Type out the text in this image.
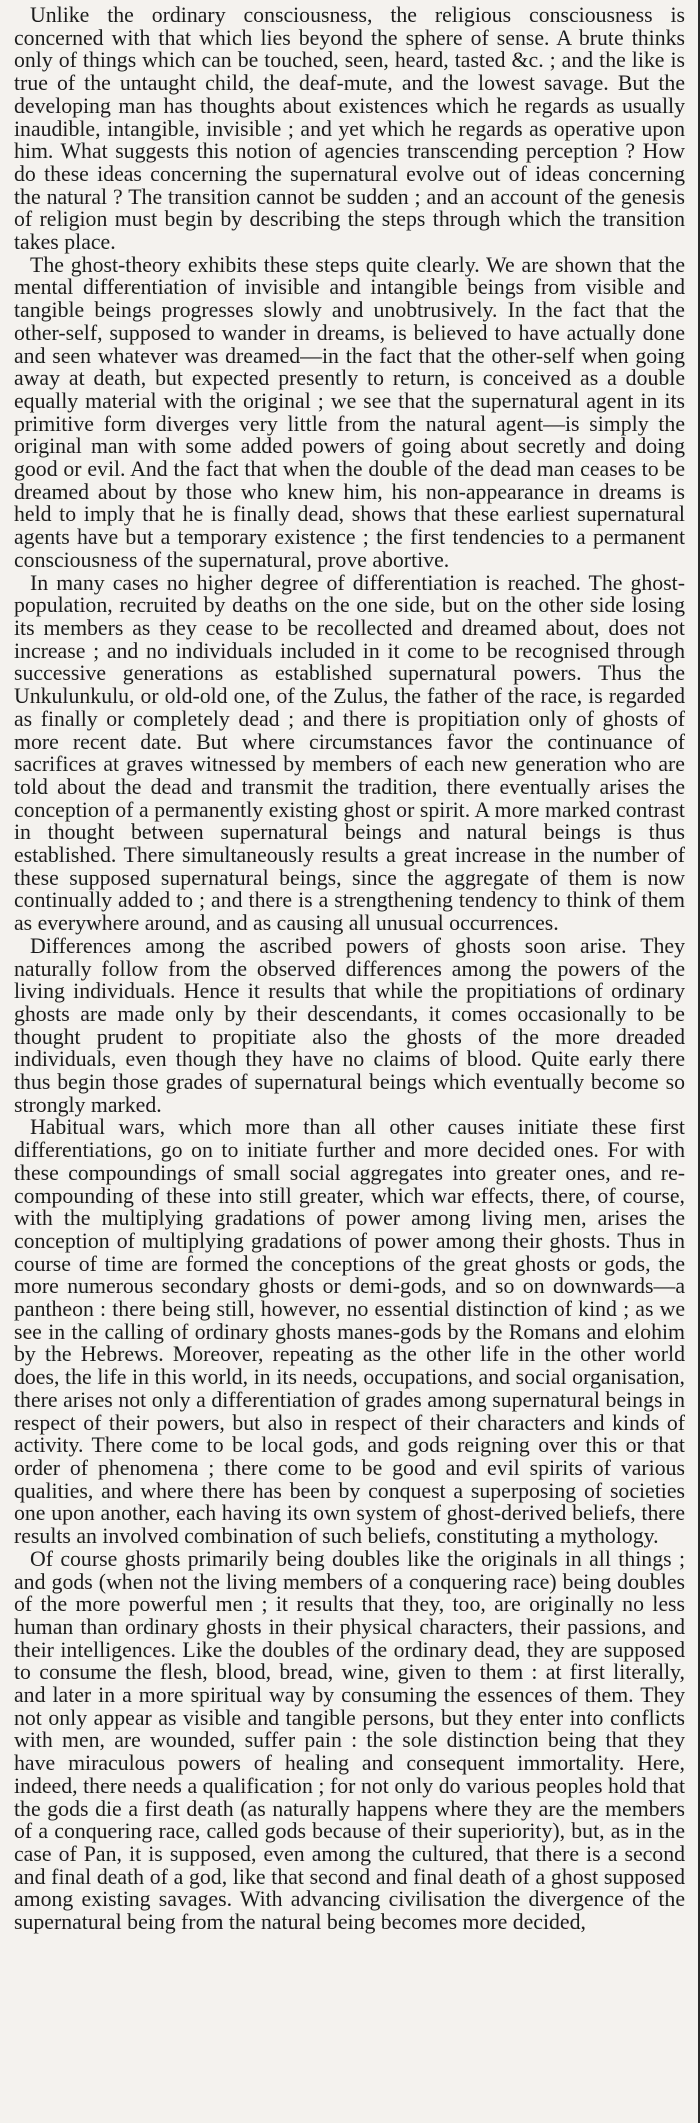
Unlike the ordinary consciousness, the religious consciousness is concerned with that which lies beyond the sphere of sense. A brute thinks only of things which can be touched, seen, heard, tasted &c. ; and the like is true of the untaught child, the deaf-mute, and the lowest savage. But the developing man has thoughts about existences which he regards as usually inaudible, intangible, invisible ; and yet which he regards as operative upon him. What suggests this notion of agencies transcending perception ? How do these ideas concerning the supernatural evolve out of ideas concerning the natural ? The transition cannot be sudden ; and an account of the genesis of religion must begin by describing the steps through which the transition takes place.

The ghost-theory exhibits these steps quite clearly. We are shown that the mental differentiation of invisible and intangible beings from visible and tangible beings progresses slowly and unobtrusively. In the fact that the other-self, supposed to wander in dreams, is believed to have actually done and seen whatever was dreamed—in the fact that the other-self when going away at death, but expected presently to return, is conceived as a double equally material with the original ; we see that the supernatural agent in its primitive form diverges very little from the natural agent—is simply the original man with some added powers of going about secretly and doing good or evil. And the fact that when the double of the dead man ceases to be dreamed about by those who knew him, his non-appearance in dreams is held to imply that he is finally dead, shows that these earliest supernatural agents have but a temporary existence ; the first tendencies to a permanent consciousness of the supernatural, prove abortive.

In many cases no higher degree of differentiation is reached. The ghost-population, recruited by deaths on the one side, but on the other side losing its members as they cease to be recollected and dreamed about, does not increase ; and no individuals included in it come to be recognised through successive generations as established supernatural powers. Thus the Unkulunkulu, or old-old one, of the Zulus, the father of the race, is regarded as finally or completely dead ; and there is propitiation only of ghosts of more recent date. But where circumstances favor the continuance of sacrifices at graves witnessed by members of each new generation who are told about the dead and transmit the tradition, there eventually arises the conception of a permanently existing ghost or spirit. A more marked contrast in thought between supernatural beings and natural beings is thus established. There simultaneously results a great increase in the number of these supposed supernatural beings, since the aggregate of them is now continually added to ; and there is a strengthening tendency to think of them as everywhere around, and as causing all unusual occurrences.

Differences among the ascribed powers of ghosts soon arise. They naturally follow from the observed differences among the powers of the living individuals. Hence it results that while the propitiations of ordinary ghosts are made only by their descendants, it comes occasionally to be thought prudent to propitiate also the ghosts of the more dreaded individuals, even though they have no claims of blood. Quite early there thus begin those grades of supernatural beings which eventually become so strongly marked.

Habitual wars, which more than all other causes initiate these first differentiations, go on to initiate further and more decided ones. For with these compoundings of small social aggregates into greater ones, and re-compounding of these into still greater, which war effects, there, of course, with the multiplying gradations of power among living men, arises the conception of multiplying gradations of power among their ghosts. Thus in course of time are formed the conceptions of the great ghosts or gods, the more numerous secondary ghosts or demi-gods, and so on downwards—a pantheon : there being still, however, no essential distinction of kind ; as we see in the calling of ordinary ghosts manes-gods by the Romans and elohim by the Hebrews. Moreover, repeating as the other life in the other world does, the life in this world, in its needs, occupations, and social organisation, there arises not only a differentiation of grades among supernatural beings in respect of their powers, but also in respect of their characters and kinds of activity. There come to be local gods, and gods reigning over this or that order of phenomena ; there come to be good and evil spirits of various qualities, and where there has been by conquest a superposing of societies one upon another, each having its own system of ghost-derived beliefs, there results an involved combination of such beliefs, constituting a mythology.

Of course ghosts primarily being doubles like the originals in all things ; and gods (when not the living members of a conquering race) being doubles of the more powerful men ; it results that they, too, are originally no less human than ordinary ghosts in their physical characters, their passions, and their intelligences. Like the doubles of the ordinary dead, they are supposed to consume the flesh, blood, bread, wine, given to them : at first literally, and later in a more spiritual way by consuming the essences of them. They not only appear as visible and tangible persons, but they enter into conflicts with men, are wounded, suffer pain : the sole distinction being that they have miraculous powers of healing and consequent immortality. Here, indeed, there needs a qualification ; for not only do various peoples hold that the gods die a first death (as naturally happens where they are the members of a conquering race, called gods because of their superiority), but, as in the case of Pan, it is supposed, even among the cultured, that there is a second and final death of a god, like that second and final death of a ghost supposed among existing savages. With advancing civilisation the divergence of the supernatural being from the natural being becomes more decided,
